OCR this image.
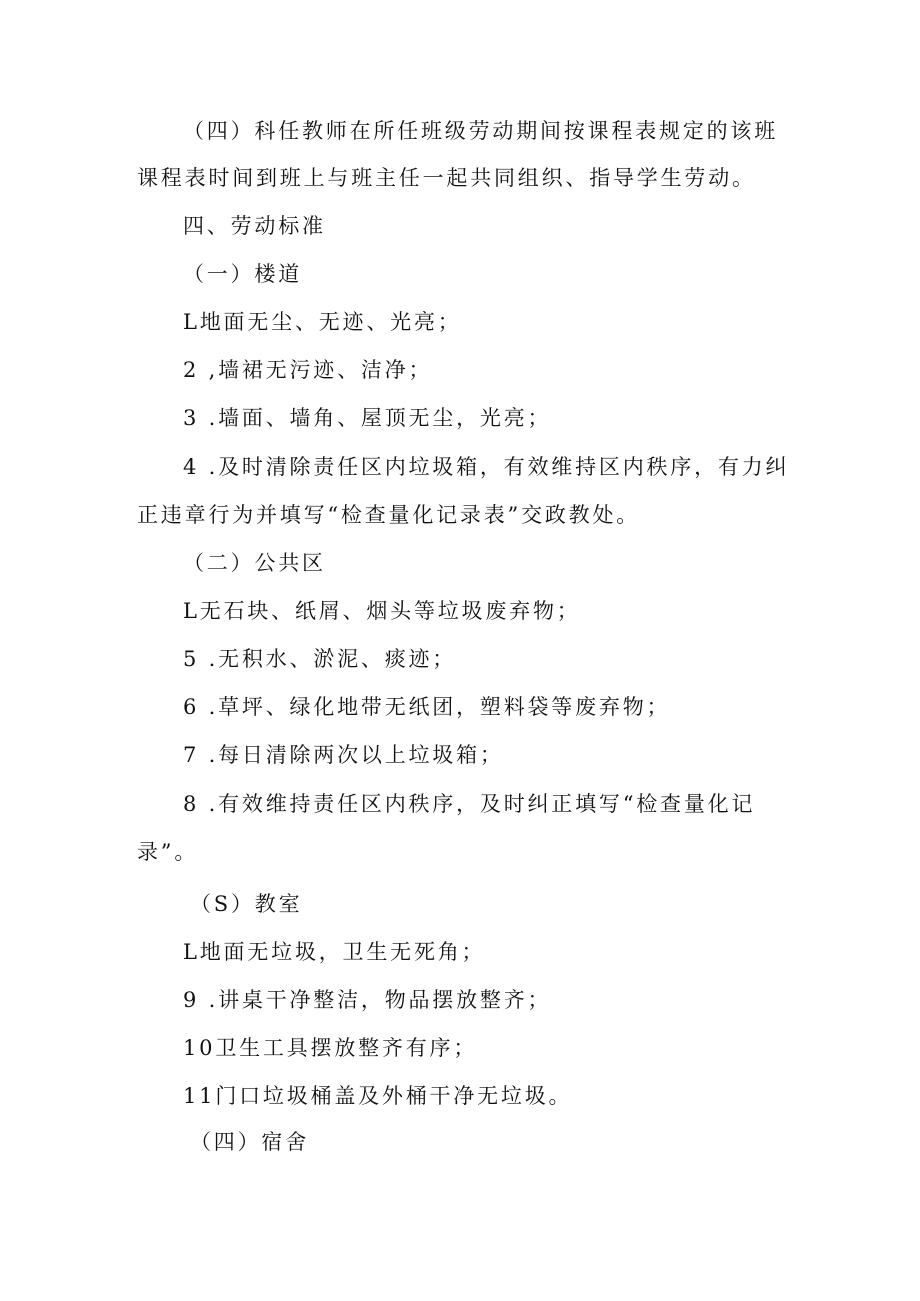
（四）科任教师在所任班级劳动期间按课程表规定的该班
课程表时间到班上与班主任一起共同组织、指导学生劳动。
四、劳动标准
（一）楼道
L地面无尘、无迹、光亮；
2 ,墙裙无污迹、洁净；
3 .墙面、墙角、屋顶无尘，光亮；
4 .及时清除责任区内垃圾箱，有效维持区内秩序，有力纠
正违章行为并填写“检查量化记录表”交政教处。
（二）公共区
L无石块、纸屑、烟头等垃圾废弃物；
5 .无积水、淤泥、痰迹；
6 .草坪、绿化地带无纸团，塑料袋等废弃物；
7 .每日清除两次以上垃圾箱；
8 .有效维持责任区内秩序，及时纠正填写“检查量化记
录”。
（S）教室
L地面无垃圾，卫生无死角；
9 .讲桌干净整洁，物品摆放整齐；
10卫生工具摆放整齐有序；
11门口垃圾桶盖及外桶干净无垃圾。
（四）宿舍
